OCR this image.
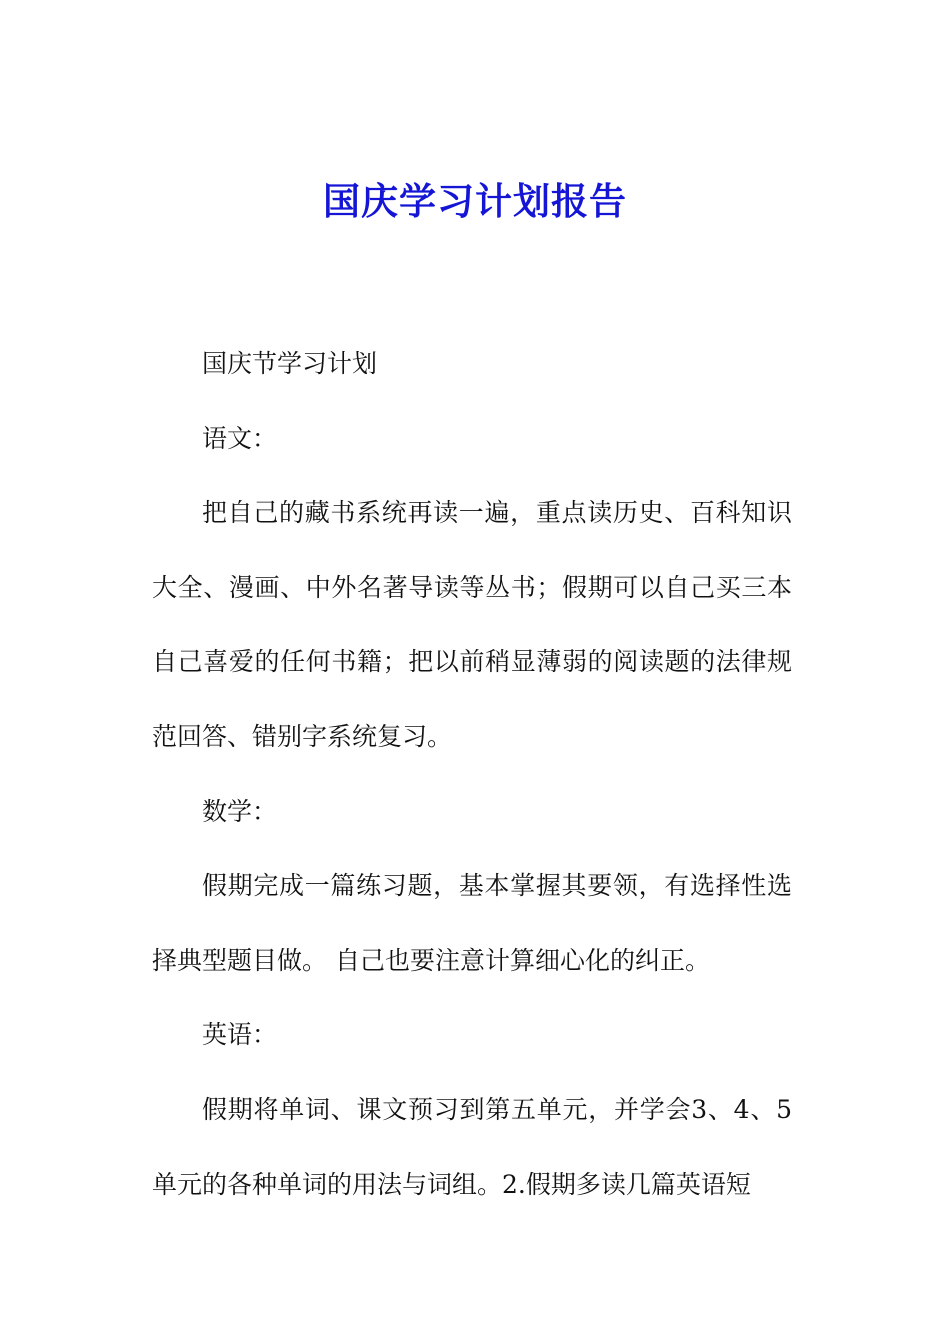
国庆学习计划报告

国庆节学习计划

语文：

把自己的藏书系统再读一遍，重点读历史、百科知识大全、漫画、中外名著导读等丛书；假期可以自己买三本自己喜爱的任何书籍；把以前稍显薄弱的阅读题的法律规范回答、错别字系统复习。

数学：

假期完成一篇练习题，基本掌握其要领，有选择性选择典型题目做。 自己也要注意计算细心化的纠正。

英语：

假期将单词、课文预习到第五单元，并学会3、4、5单元的各种单词的用法与词组。2.假期多读几篇英语短
